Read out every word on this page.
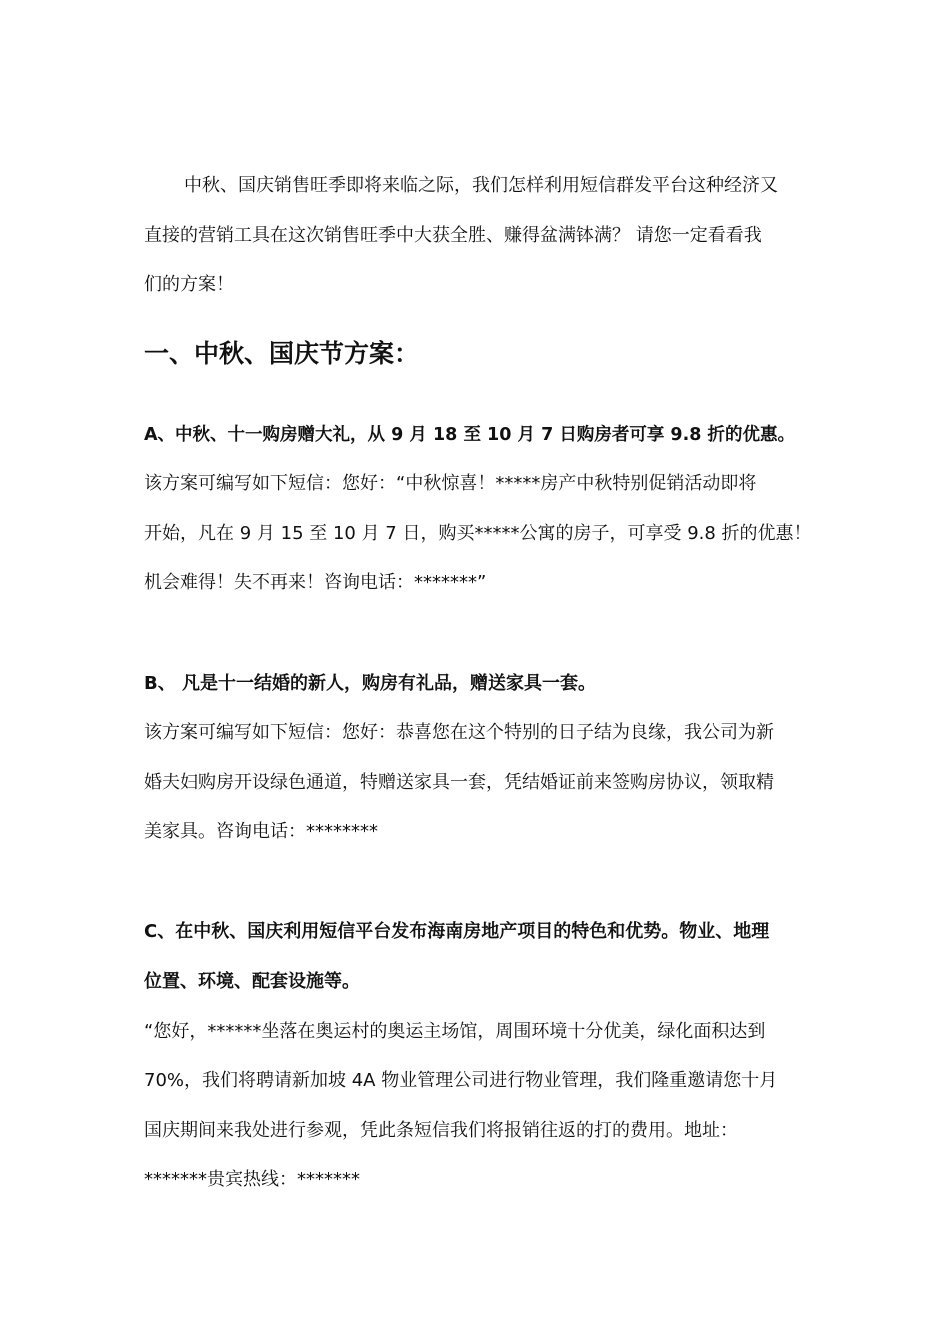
中秋、国庆销售旺季即将来临之际，我们怎样利用短信群发平台这种经济又
直接的营销工具在这次销售旺季中大获全胜、赚得盆满钵满？ 请您一定看看我
们的方案！
一、中秋、国庆节方案：
A、中秋、十一购房赠大礼，从 9 月 18 至 10 月 7 日购房者可享 9.8 折的优惠。
该方案可编写如下短信：您好：“中秋惊喜！*****房产中秋特别促销活动即将
开始，凡在 9 月 15 至 10 月 7 日，购买*****公寓的房子，可享受 9.8 折的优惠！
机会难得！失不再来！咨询电话：*******”
B、 凡是十一结婚的新人，购房有礼品，赠送家具一套。
该方案可编写如下短信：您好：恭喜您在这个特别的日子结为良缘，我公司为新
婚夫妇购房开设绿色通道，特赠送家具一套，凭结婚证前来签购房协议，领取精
美家具。咨询电话：********
C、在中秋、国庆利用短信平台发布海南房地产项目的特色和优势。物业、地理
位置、环境、配套设施等。
“您好，******坐落在奥运村的奥运主场馆，周围环境十分优美，绿化面积达到
70%，我们将聘请新加坡 4A 物业管理公司进行物业管理，我们隆重邀请您十月
国庆期间来我处进行参观，凭此条短信我们将报销往返的打的费用。地址：
*******贵宾热线：*******
